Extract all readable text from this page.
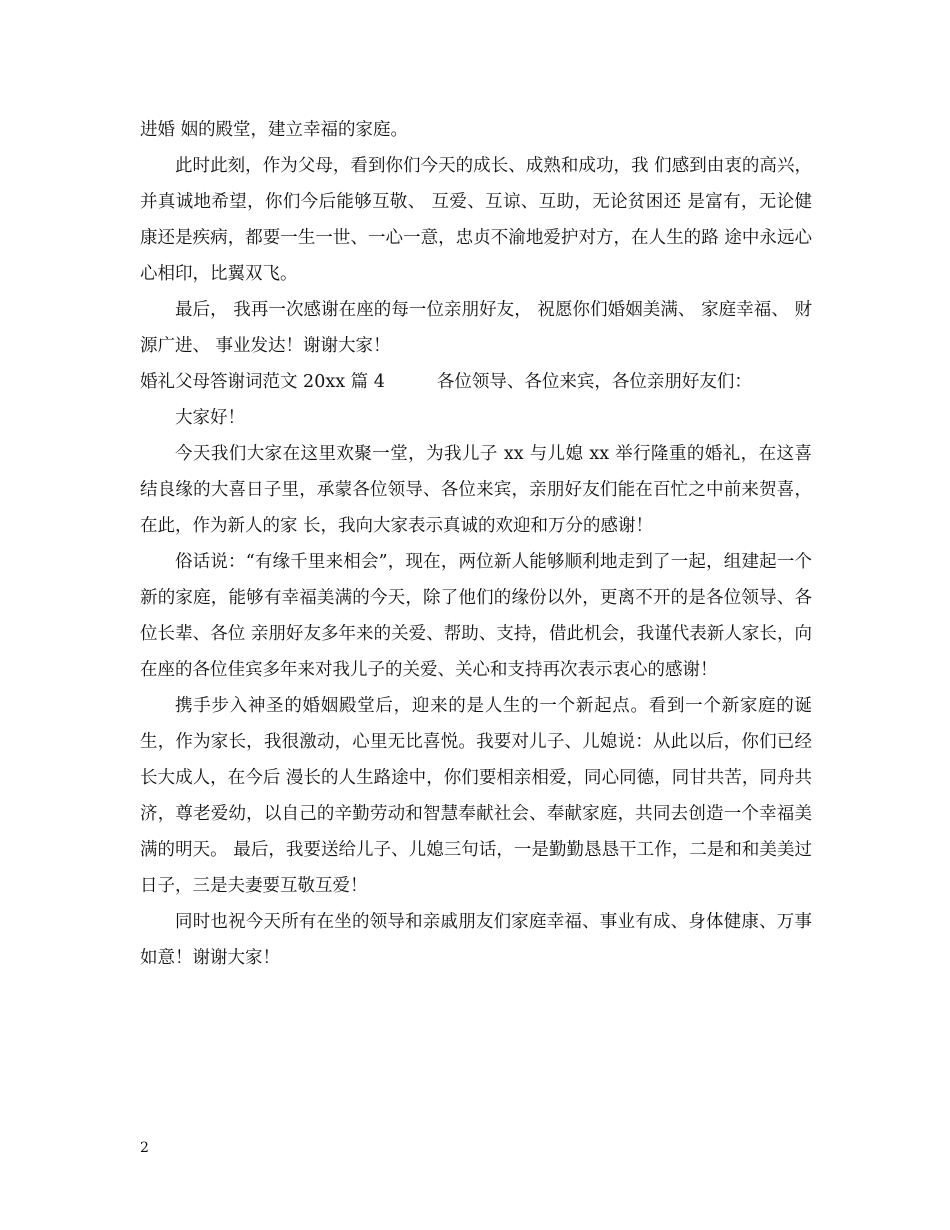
进婚 姻的殿堂，建立幸福的家庭。

此时此刻，作为父母，看到你们今天的成长、成熟和成功，我 们感到由衷的高兴，并真诚地希望，你们今后能够互敬、 互爱、互谅、互助，无论贫困还 是富有，无论健康还是疾病，都要一生一世、一心一意，忠贞不渝地爱护对方，在人生的路 途中永远心心相印，比翼双飞。

最后， 我再一次感谢在座的每一位亲朋好友， 祝愿你们婚姻美满、 家庭幸福、 财源广进、 事业发达！谢谢大家！

婚礼父母答谢词范文 20xx 篇 4	各位领导、各位来宾，各位亲朋好友们：

大家好！

今天我们大家在这里欢聚一堂，为我儿子 xx 与儿媳 xx 举行隆重的婚礼，在这喜结良缘的大喜日子里，承蒙各位领导、各位来宾，亲朋好友们能在百忙之中前来贺喜，在此，作为新人的家 长，我向大家表示真诚的欢迎和万分的感谢！

俗话说：“有缘千里来相会”，现在，两位新人能够顺利地走到了一起，组建起一个新的家庭，能够有幸福美满的今天，除了他们的缘份以外，更离不开的是各位领导、各位长辈、各位 亲朋好友多年来的关爱、帮助、支持，借此机会，我谨代表新人家长，向在座的各位佳宾多年来对我儿子的关爱、关心和支持再次表示衷心的感谢！

携手步入神圣的婚姻殿堂后，迎来的是人生的一个新起点。看到一个新家庭的诞生，作为家长，我很激动，心里无比喜悦。我要对儿子、儿媳说：从此以后，你们已经长大成人，在今后 漫长的人生路途中，你们要相亲相爱，同心同德，同甘共苦，同舟共济，尊老爱幼，以自己的辛勤劳动和智慧奉献社会、奉献家庭，共同去创造一个幸福美满的明天。 最后，我要送给儿子、儿媳三句话，一是勤勤恳恳干工作，二是和和美美过日子，三是夫妻要互敬互爱！

同时也祝今天所有在坐的领导和亲戚朋友们家庭幸福、事业有成、身体健康、万事如意！谢谢大家！

2
